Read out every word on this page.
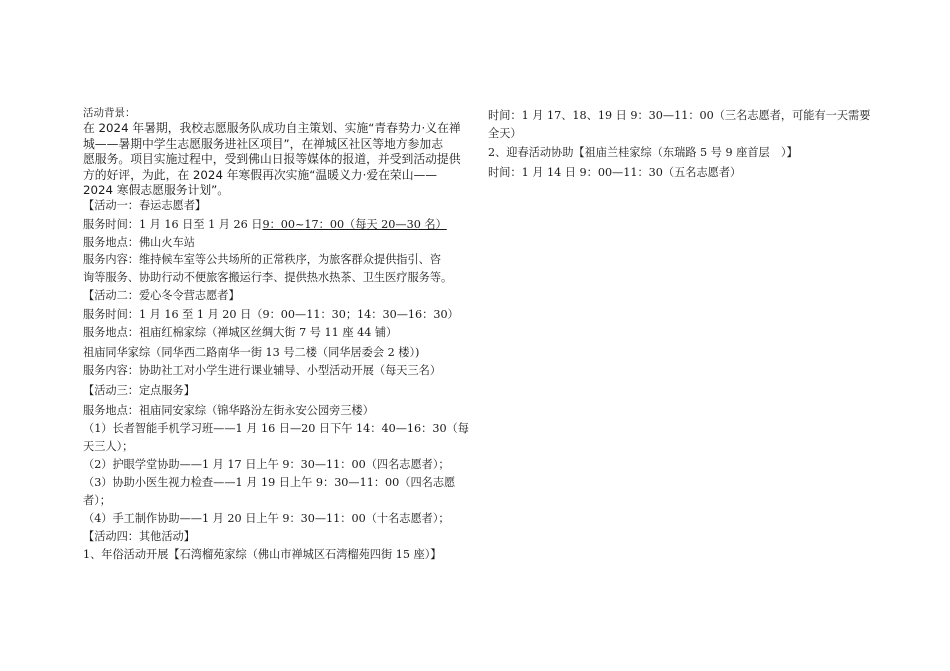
活动背景：
在 2024 年暑期，我校志愿服务队成功自主策划、实施“青春势力·义在禅
城——暑期中学生志愿服务进社区项目”，在禅城区社区等地方参加志
愿服务。项目实施过程中，受到佛山日报等媒体的报道，并受到活动提供
方的好评，为此，在 2024 年寒假再次实施“温暖义力·爱在荣山——
2024 寒假志愿服务计划”。
【活动一：春运志愿者】
服务时间：1 月 16 日至 1 月 26 日9：00~17：00（每天 20—30 名）
服务地点：佛山火车站
服务内容：维持候车室等公共场所的正常秩序，为旅客群众提供指引、咨
询等服务、协助行动不便旅客搬运行李、提供热水热茶、卫生医疗服务等。
【活动二：爱心冬令营志愿者】
服务时间：1 月 16 至 1 月 20 日（9：00—11：30；14：30—16：30）
服务地点：祖庙红棉家综（禅城区丝绸大街 7 号 11 座 44 铺）
祖庙同华家综（同华西二路南华一街 13 号二楼（同华居委会 2 楼）)
服务内容：协助社工对小学生进行课业辅导、小型活动开展（每天三名）
【活动三：定点服务】
服务地点：祖庙同安家综（锦华路汾左街永安公园旁三楼）
（1）长者智能手机学习班——1 月 16 日—20 日下午 14：40—16：30（每
天三人）；
（2）护眼学堂协助——1 月 17 日上午 9：30—11：00（四名志愿者）；
（3）协助小医生视力检查——1 月 19 日上午 9：30—11：00（四名志愿
者）；
（4）手工制作协助——1 月 20 日上午 9：30—11：00（十名志愿者）；
【活动四：其他活动】
1、年俗活动开展【石湾榴苑家综（佛山市禅城区石湾榴苑四街 15 座）】
时间：1 月 17、18、19 日 9：30—11：00（三名志愿者，可能有一天需要
全天）
2、迎春活动协助【祖庙兰桂家综（东瑞路 5 号 9 座首层　）】
时间：1 月 14 日 9：00—11：30（五名志愿者）
